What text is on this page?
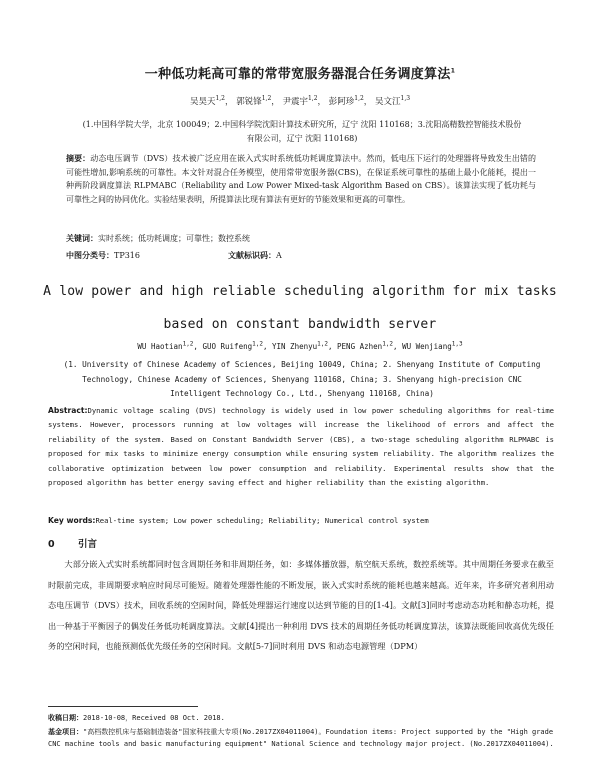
一种低功耗高可靠的常带宽服务器混合任务调度算法$^1$
吴昊天$^{1,2}$， 郭锐锋$^{1,2}$， 尹震宇$^{1,2}$， 彭阿珍$^{1,2}$， 吴文江$^{1,3}$
(1.中国科学院大学，北京 100049；2.中国科学院沈阳计算技术研究所，辽宁 沈阳 110168；3.沈阳高精数控智能技术股份有限公司，辽宁 沈阳 110168)
摘要：动态电压调节（DVS）技术被广泛应用在嵌入式实时系统低功耗调度算法中。然而，低电压下运行的处理器将导致发生出错的可能性增加,影响系统的可靠性。本文针对混合任务模型，使用常带宽服务器(CBS)，在保证系统可靠性的基础上最小化能耗，提出一种两阶段调度算法 RLPMABC（Reliability and Low Power Mixed-task Algorithm Based on CBS）。该算法实现了低功耗与可靠性之间的协同优化。实验结果表明，所提算法比现有算法有更好的节能效果和更高的可靠性。
关键词：实时系统；低功耗调度；可靠性；数控系统
中图分类号：TP316	文献标识码：A
A low power and high reliable scheduling algorithm for mix tasks based on constant bandwidth server
WU Haotian$^{1,2}$, GUO Ruifeng$^{1,2}$, YIN Zhenyu$^{1,2}$, PENG Azhen$^{1,2}$, WU Wenjiang$^{1,3}$
(1. University of Chinese Academy of Sciences, Beijing 10049, China; 2. Shenyang Institute of Computing Technology, Chinese Academy of Sciences, Shenyang 110168, China; 3. Shenyang high-precision CNC Intelligent Technology Co., Ltd., Shenyang 110168, China)
Abstract:Dynamic voltage scaling (DVS) technology is widely used in low power scheduling algorithms for real-time systems. However, processors running at low voltages will increase the likelihood of errors and affect the reliability of the system. Based on Constant Bandwidth Server (CBS), a two-stage scheduling algorithm RLPMABC is proposed for mix tasks to minimize energy consumption while ensuring system reliability. The algorithm realizes the collaborative optimization between low power consumption and reliability. Experimental results show that the proposed algorithm has better energy saving effect and higher reliability than the existing algorithm.
Key words:Real-time system; Low power scheduling; Reliability; Numerical control system
0 引言
大部分嵌入式实时系统都同时包含周期任务和非周期任务，如：多媒体播放器，航空航天系统，数控系统等。其中周期任务要求在截至时限前完成，非周期要求响应时间尽可能短。随着处理器性能的不断发展，嵌入式实时系统的能耗也越来越高。近年来，许多研究者利用动态电压调节（DVS）技术，回收系统的空闲时间，降低处理器运行速度以达到节能的目的[1-4]。文献[3]同时考虑动态功耗和静态功耗，提出一种基于平衡因子的偶发任务低功耗调度算法。文献[4]提出一种利用 DVS 技术的周期任务低功耗调度算法，该算法既能回收高优先级任务的空闲时间，也能预测低优先级任务的空闲时间。文献[5-7]同时利用 DVS 和动态电源管理（DPM）
收稿日期：2018-10-08，Received 08 Oct. 2018.
基金项目："高档数控机床与基础制造装备"国家科技重大专项(No.2017ZX04011004)。Foundation items: Project supported by the "High grade CNC machine tools and basic manufacturing equipment" National Science and technology major project. (No.2017ZX04011004).
